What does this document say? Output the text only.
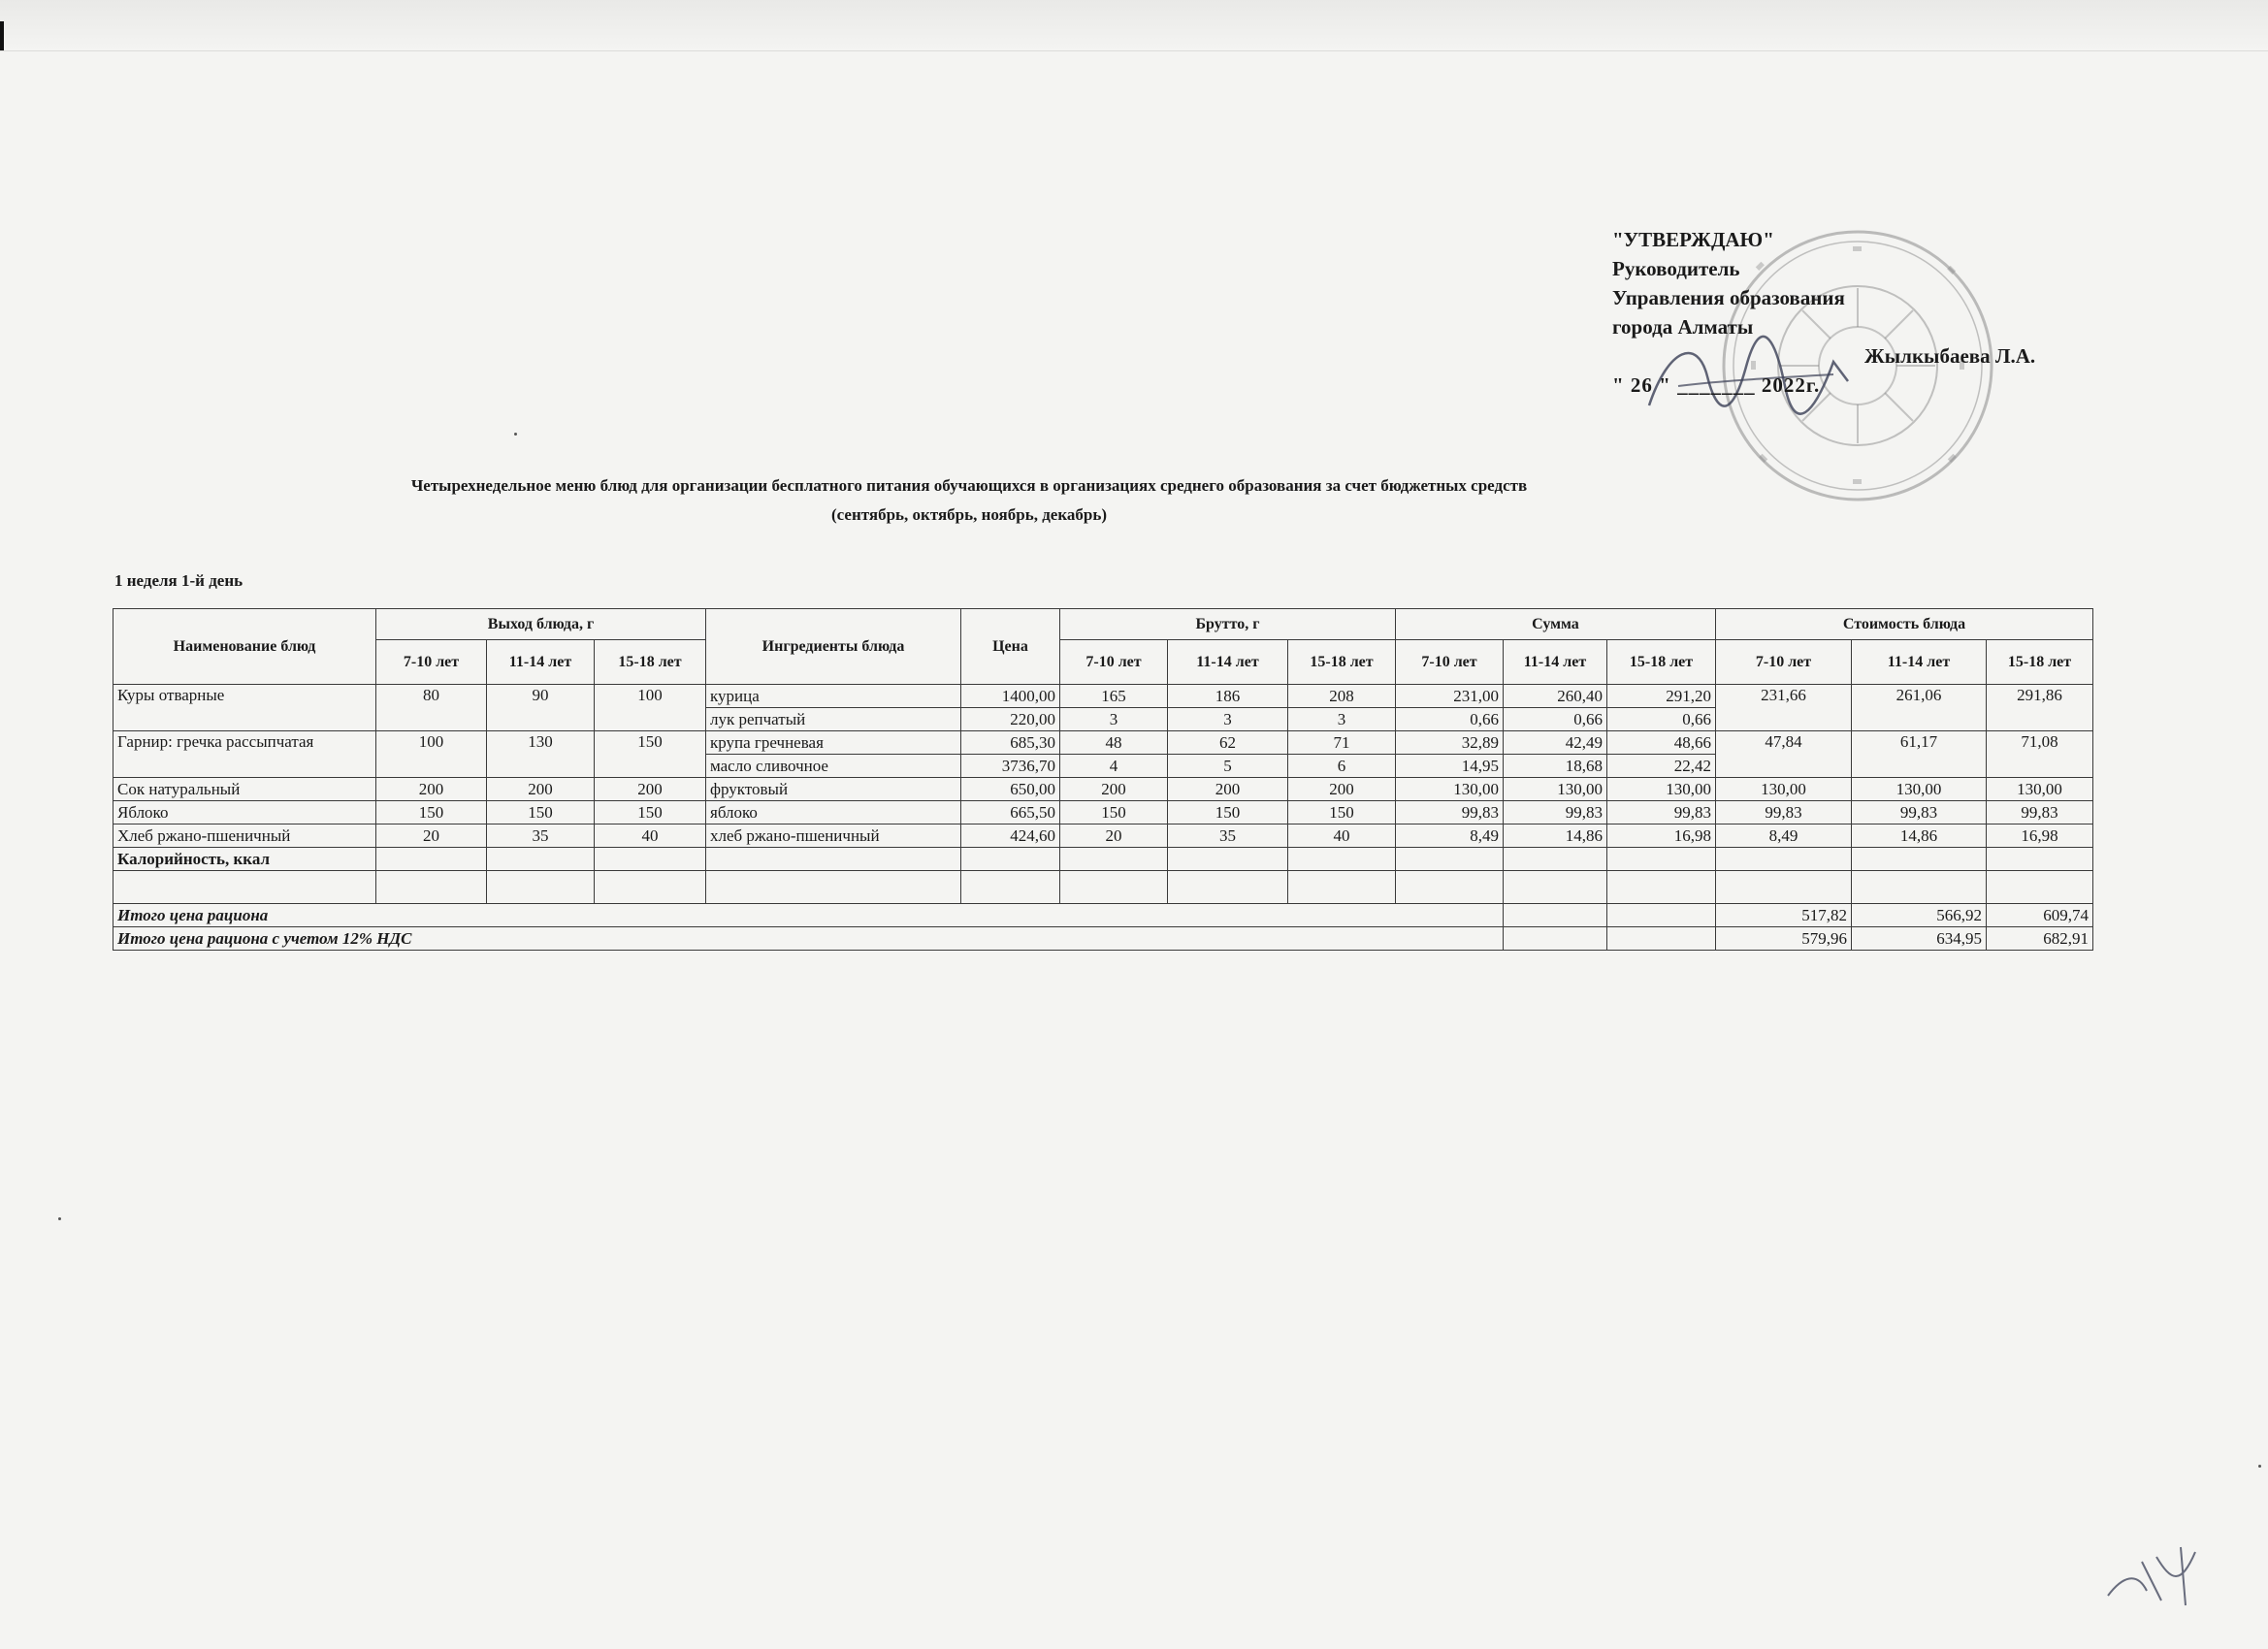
"УТВЕРЖДАЮ"
Руководитель
Управления образования
города Алматы
Жылкыбаева Л.А.
" 26 " _______ 2022г.
Четырехнедельное меню блюд для организации бесплатного питания обучающихся в организациях среднего образования за счет бюджетных средств
(сентябрь, октябрь, ноябрь, декабрь)
1 неделя 1-й день
Наименование блюд	Выход блюда, г			Ингредиенты блюда	Цена	Брутто, г			Сумма			Стоимость блюда		
	7-10 лет	11-14 лет	15-18 лет			7-10 лет	11-14 лет	15-18 лет	7-10 лет	11-14 лет	15-18 лет	7-10 лет	11-14 лет	15-18 лет
Куры отварные	80	90	100	курица	1400,00	165	186	208	231,00	260,40	291,20	231,66	261,06	291,86
				лук репчатый	220,00	3	3	3	0,66	0,66	0,66			
Гарнир: гречка рассыпчатая	100	130	150	крупа гречневая	685,30	48	62	71	32,89	42,49	48,66	47,84	61,17	71,08
				масло сливочное	3736,70	4	5	6	14,95	18,68	22,42			
Сок натуральный	200	200	200	фруктовый	650,00	200	200	200	130,00	130,00	130,00	130,00	130,00	130,00
Яблоко	150	150	150	яблоко	665,50	150	150	150	99,83	99,83	99,83	99,83	99,83	99,83
Хлеб ржано-пшеничный	20	35	40	хлеб ржано-пшеничный	424,60	20	35	40	8,49	14,86	16,98	8,49	14,86	16,98
Калорийность, ккал														

Итого цена рациона												517,82	566,92	609,74
Итого цена рациона с учетом 12% НДС												579,96	634,95	682,91
